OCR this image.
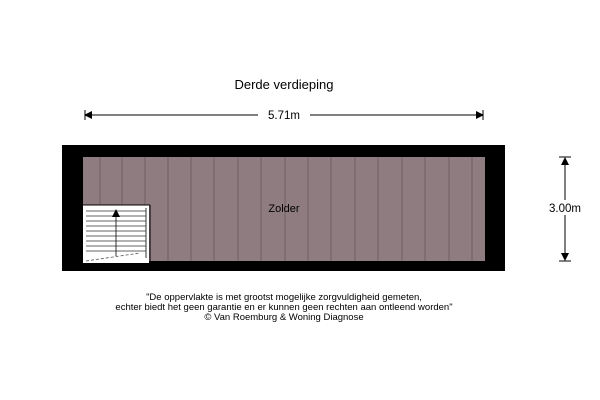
Derde verdieping
5.71m
3.00m
Zolder
"De oppervlakte is met grootst mogelijke zorgvuldigheid gemeten,
echter biedt het geen garantie en er kunnen geen rechten aan ontleend worden"
© Van Roemburg & Woning Diagnose
